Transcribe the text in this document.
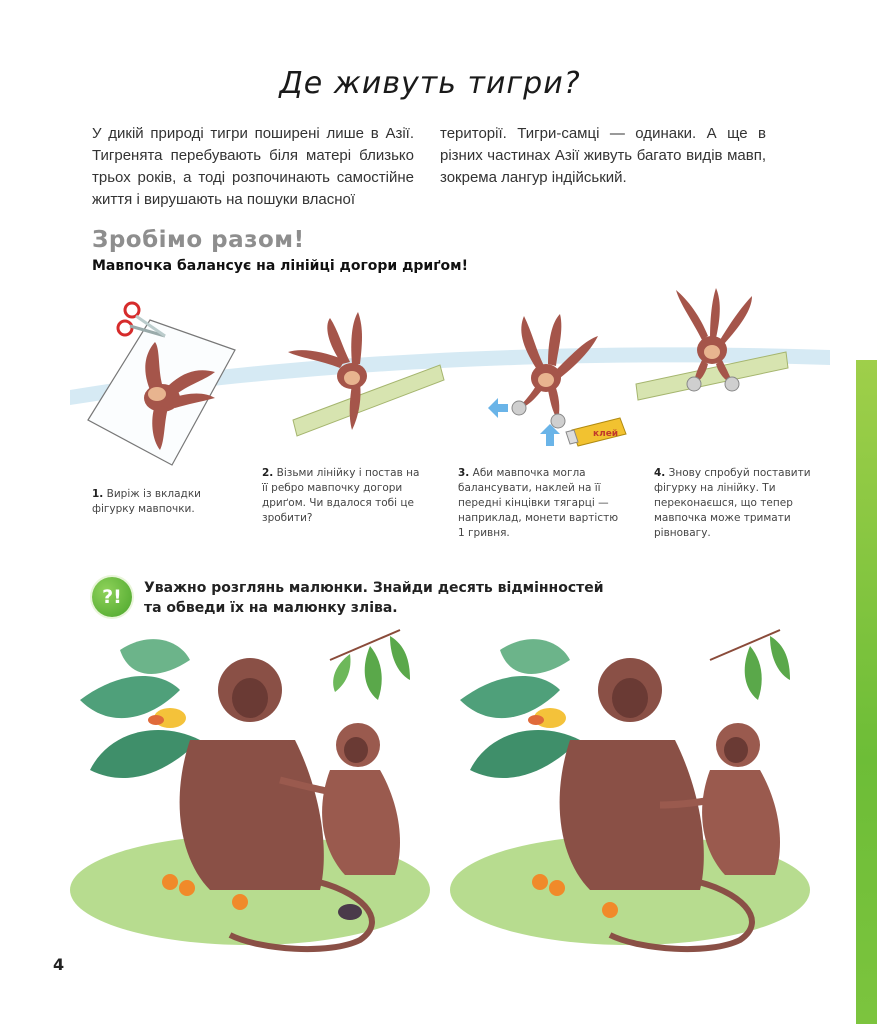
Де живуть тигри?
У дикій природі тигри поширені лише в Азії. Тигренята перебувають біля матері близько трьох років, а тоді розпочинають самостійне життя і вирушають на пошуки власної
території. Тигри-самці — одинаки. А ще в різних частинах Азії живуть багато видів мавп, зокрема лангур індійський.
Зробімо разом!
Мавпочка балансує на лінійці догори дриґом!
клей
1. Виріж із вкладки фігурку мавпочки.
2. Візьми лінійку і постав на її ребро мавпочку догори дриґом. Чи вдалося тобі це зробити?
3. Аби мавпочка могла балансувати, наклей на її передні кінцівки тягарці — наприклад, монети вартістю 1 гривня.
4. Знову спробуй поставити фігурку на лінійку. Ти переконаєшся, що тепер мавпочка може тримати рівновагу.
?!	Уважно розглянь малюнки. Знайди десять відмінностей та обведи їх на малюнку зліва.
4
